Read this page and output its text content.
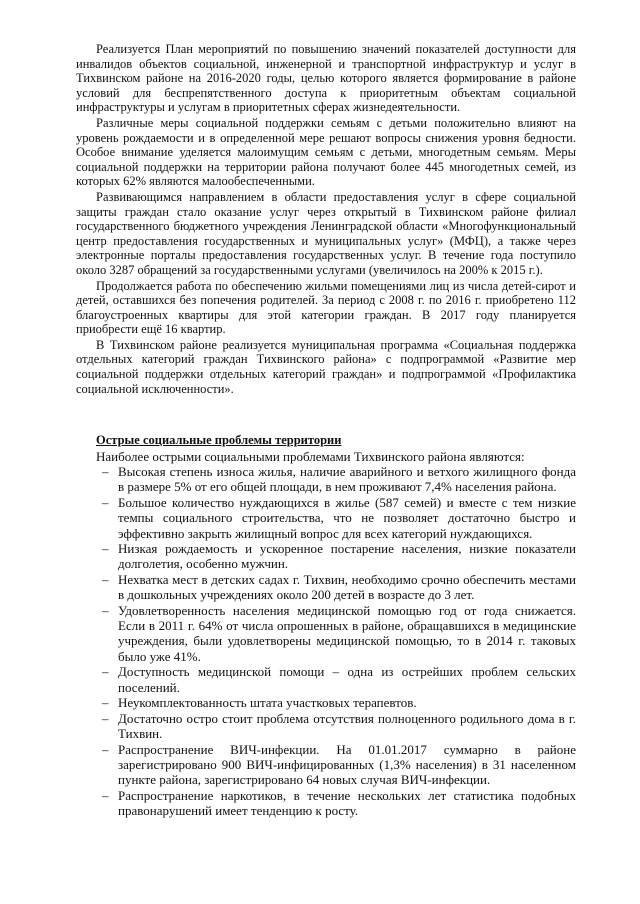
Реализуется План мероприятий по повышению значений показателей доступности для инвалидов объектов социальной, инженерной и транспортной инфраструктур и услуг в Тихвинском районе на 2016-2020 годы, целью которого является формирование в районе условий для беспрепятственного доступа к приоритетным объектам социальной инфраструктуры и услугам в приоритетных сферах жизнедеятельности.

Различные меры социальной поддержки семьям с детьми положительно влияют на уровень рождаемости и в определенной мере решают вопросы снижения уровня бедности. Особое внимание уделяется малоимущим семьям с детьми, многодетным семьям. Меры социальной поддержки на территории района получают более 445 многодетных семей, из которых 62% являются малообеспеченными.

Развивающимся направлением в области предоставления услуг в сфере социальной защиты граждан стало оказание услуг через открытый в Тихвинском районе филиал государственного бюджетного учреждения Ленинградской области «Многофункциональный центр предоставления государственных и муниципальных услуг» (МФЦ), а также через электронные порталы предоставления государственных услуг. В течение года поступило около 3287 обращений за государственными услугами (увеличилось на 200% к 2015 г.).

Продолжается работа по обеспечению жильми помещениями лиц из числа детей-сирот и детей, оставшихся без попечения родителей. За период с 2008 г. по 2016 г. приобретено 112 благоустроенных квартиры для этой категории граждан. В 2017 году планируется приобрести ещё 16 квартир.

В Тихвинском районе реализуется муниципальная программа «Социальная поддержка отдельных категорий граждан Тихвинского района» с подпрограммой «Развитие мер социальной поддержки отдельных категорий граждан» и подпрограммой «Профилактика социальной исключенности».

Острые социальные проблемы территории

Наиболее острыми социальными проблемами Тихвинского района являются:

– Высокая степень износа жилья, наличие аварийного и ветхого жилищного фонда в размере 5% от его общей площади, в нем проживают 7,4% населения района.
– Большое количество нуждающихся в жилье (587 семей) и вместе с тем низкие темпы социального строительства, что не позволяет достаточно быстро и эффективно закрыть жилищный вопрос для всех категорий нуждающихся.
– Низкая рождаемость и ускоренное постарение населения, низкие показатели долголетия, особенно мужчин.
– Нехватка мест в детских садах г. Тихвин, необходимо срочно обеспечить местами в дошкольных учреждениях около 200 детей в возрасте до 3 лет.
– Удовлетворенность населения медицинской помощью год от года снижается. Если в 2011 г. 64% от числа опрошенных в районе, обращавшихся в медицинские учреждения, были удовлетворены медицинской помощью, то в 2014 г. таковых было уже 41%.
– Доступность медицинской помощи – одна из острейших проблем сельских поселений.
– Неукомплектованность штата участковых терапевтов.
– Достаточно остро стоит проблема отсутствия полноценного родильного дома в г. Тихвин.
– Распространение ВИЧ-инфекции. На 01.01.2017 суммарно в районе зарегистрировано 900 ВИЧ-инфицированных (1,3% населения) в 31 населенном пункте района, зарегистрировано 64 новых случая ВИЧ-инфекции.
– Распространение наркотиков, в течение нескольких лет статистика подобных правонарушений имеет тенденцию к росту.
